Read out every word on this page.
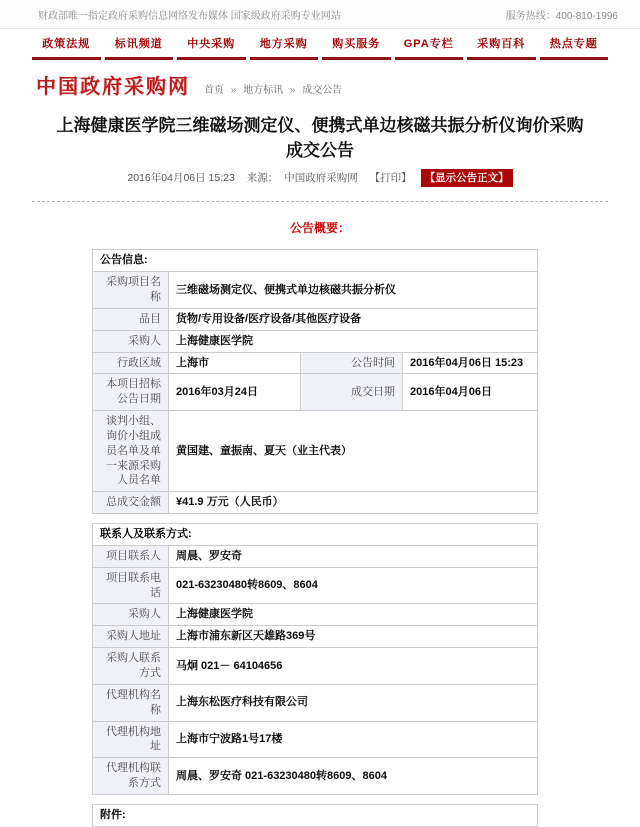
财政部唯一指定政府采购信息网络发布媒体 国家级政府采购专业网站	服务热线：400-810-1996
政策法规	标讯频道	中央采购	地方采购	购买服务	GPA专栏	采购百科	热点专题
中国政府采购网 首页 » 地方标讯 » 成交公告
上海健康医学院三维磁场测定仪、便携式单边核磁共振分析仪询价采购成交公告
2016年04月06日 15:23 来源： 中国政府采购网 【打印】 【显示公告正文】
公告概要：
公告信息:			
采购项目名称	三维磁场测定仪、便携式单边核磁共振分析仪		
品目	货物/专用设备/医疗设备/其他医疗设备		
采购人	上海健康医学院		
行政区域	上海市	公告时间	2016年04月06日 15:23
本项目招标公告日期	2016年03月24日	成交日期	2016年04月06日
谈判小组、询价小组成员名单及单一来源采购人员名单	黄国建、童振南、夏天（业主代表）		
总成交金额	¥41.9 万元（人民币）		
联系人及联系方式:	
项目联系人	周晨、罗安奇
项目联系电话	021-63230480转8609、8604
采购人	上海健康医学院
采购人地址	上海市浦东新区天雄路369号
采购人联系方式	马炯 021－ 64104656
代理机构名称	上海东松医疗科技有限公司
代理机构地址	上海市宁波路1号17楼
代理机构联系方式	周晨、罗安奇 021-63230480转8609、8604
附件:
